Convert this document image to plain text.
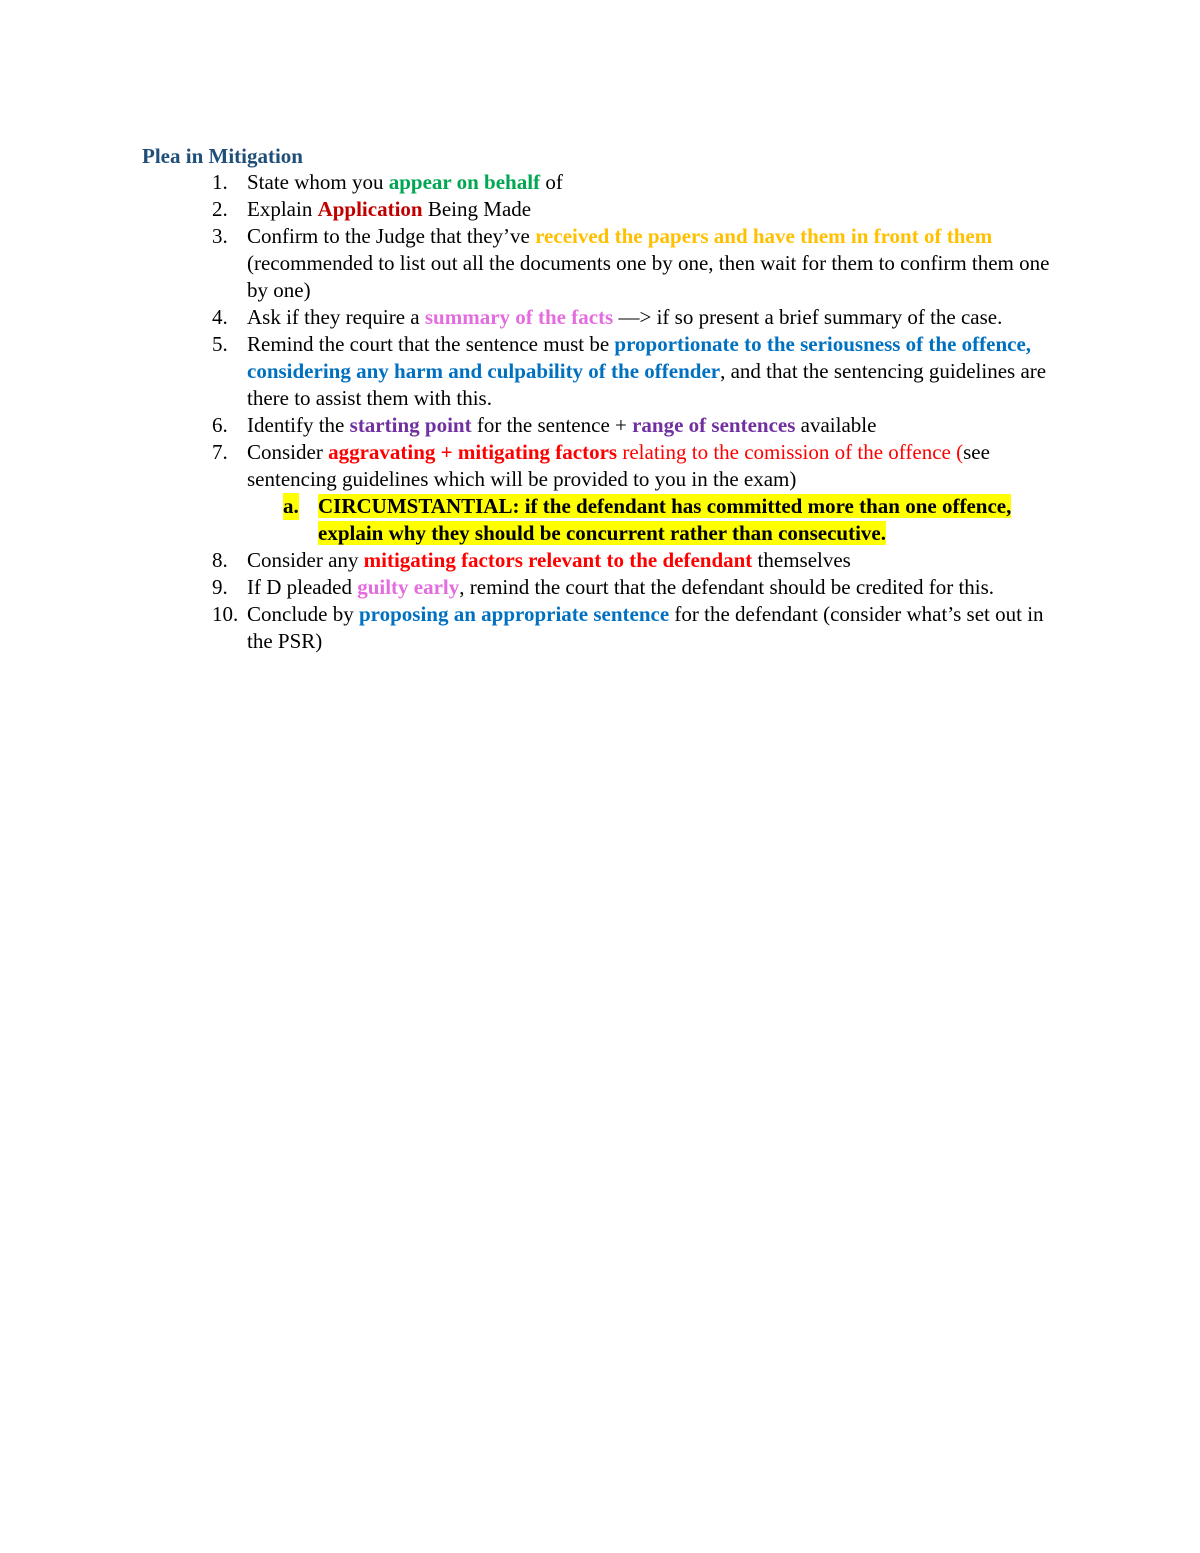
Plea in Mitigation
1. State whom you appear on behalf of
2. Explain Application Being Made
3. Confirm to the Judge that they’ve received the papers and have them in front of them (recommended to list out all the documents one by one, then wait for them to confirm them one by one)
4. Ask if they require a summary of the facts —> if so present a brief summary of the case.
5. Remind the court that the sentence must be proportionate to the seriousness of the offence, considering any harm and culpability of the offender, and that the sentencing guidelines are there to assist them with this.
6. Identify the starting point for the sentence + range of sentences available
7. Consider aggravating + mitigating factors relating to the comission of the offence (see sentencing guidelines which will be provided to you in the exam)
a. CIRCUMSTANTIAL: if the defendant has committed more than one offence, explain why they should be concurrent rather than consecutive.
8. Consider any mitigating factors relevant to the defendant themselves
9. If D pleaded guilty early, remind the court that the defendant should be credited for this.
10. Conclude by proposing an appropriate sentence for the defendant (consider what’s set out in the PSR)
